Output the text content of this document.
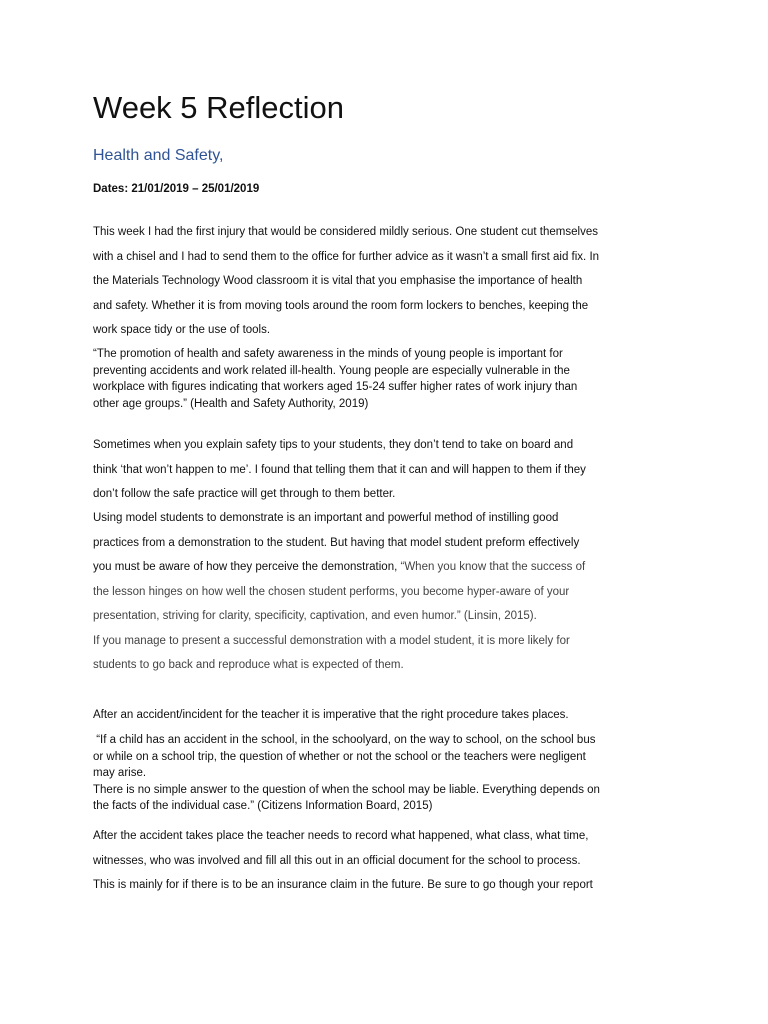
Week 5 Reflection
Health and Safety,

Dates: 21/01/2019 – 25/01/2019

This week I had the first injury that would be considered mildly serious. One student cut themselves
with a chisel and I had to send them to the office for further advice as it wasn’t a small first aid fix. In
the Materials Technology Wood classroom it is vital that you emphasise the importance of health
and safety. Whether it is from moving tools around the room form lockers to benches, keeping the
work space tidy or the use of tools.
“The promotion of health and safety awareness in the minds of young people is important for
preventing accidents and work related ill-health. Young people are especially vulnerable in the
workplace with figures indicating that workers aged 15-24 suffer higher rates of work injury than
other age groups.” (Health and Safety Authority, 2019)
Sometimes when you explain safety tips to your students, they don’t tend to take on board and
think ‘that won’t happen to me’. I found that telling them that it can and will happen to them if they
don’t follow the safe practice will get through to them better.
Using model students to demonstrate is an important and powerful method of instilling good
practices from a demonstration to the student. But having that model student preform effectively
you must be aware of how they perceive the demonstration, “When you know that the success of
the lesson hinges on how well the chosen student performs, you become hyper-aware of your
presentation, striving for clarity, specificity, captivation, and even humor.” (Linsin, 2015).
If you manage to present a successful demonstration with a model student, it is more likely for
students to go back and reproduce what is expected of them.
After an accident/incident for the teacher it is imperative that the right procedure takes places.
“If a child has an accident in the school, in the schoolyard, on the way to school, on the school bus
or while on a school trip, the question of whether or not the school or the teachers were negligent
may arise.
There is no simple answer to the question of when the school may be liable. Everything depends on
the facts of the individual case.” (Citizens Information Board, 2015)
After the accident takes place the teacher needs to record what happened, what class, what time,
witnesses, who was involved and fill all this out in an official document for the school to process.
This is mainly for if there is to be an insurance claim in the future. Be sure to go though your report
